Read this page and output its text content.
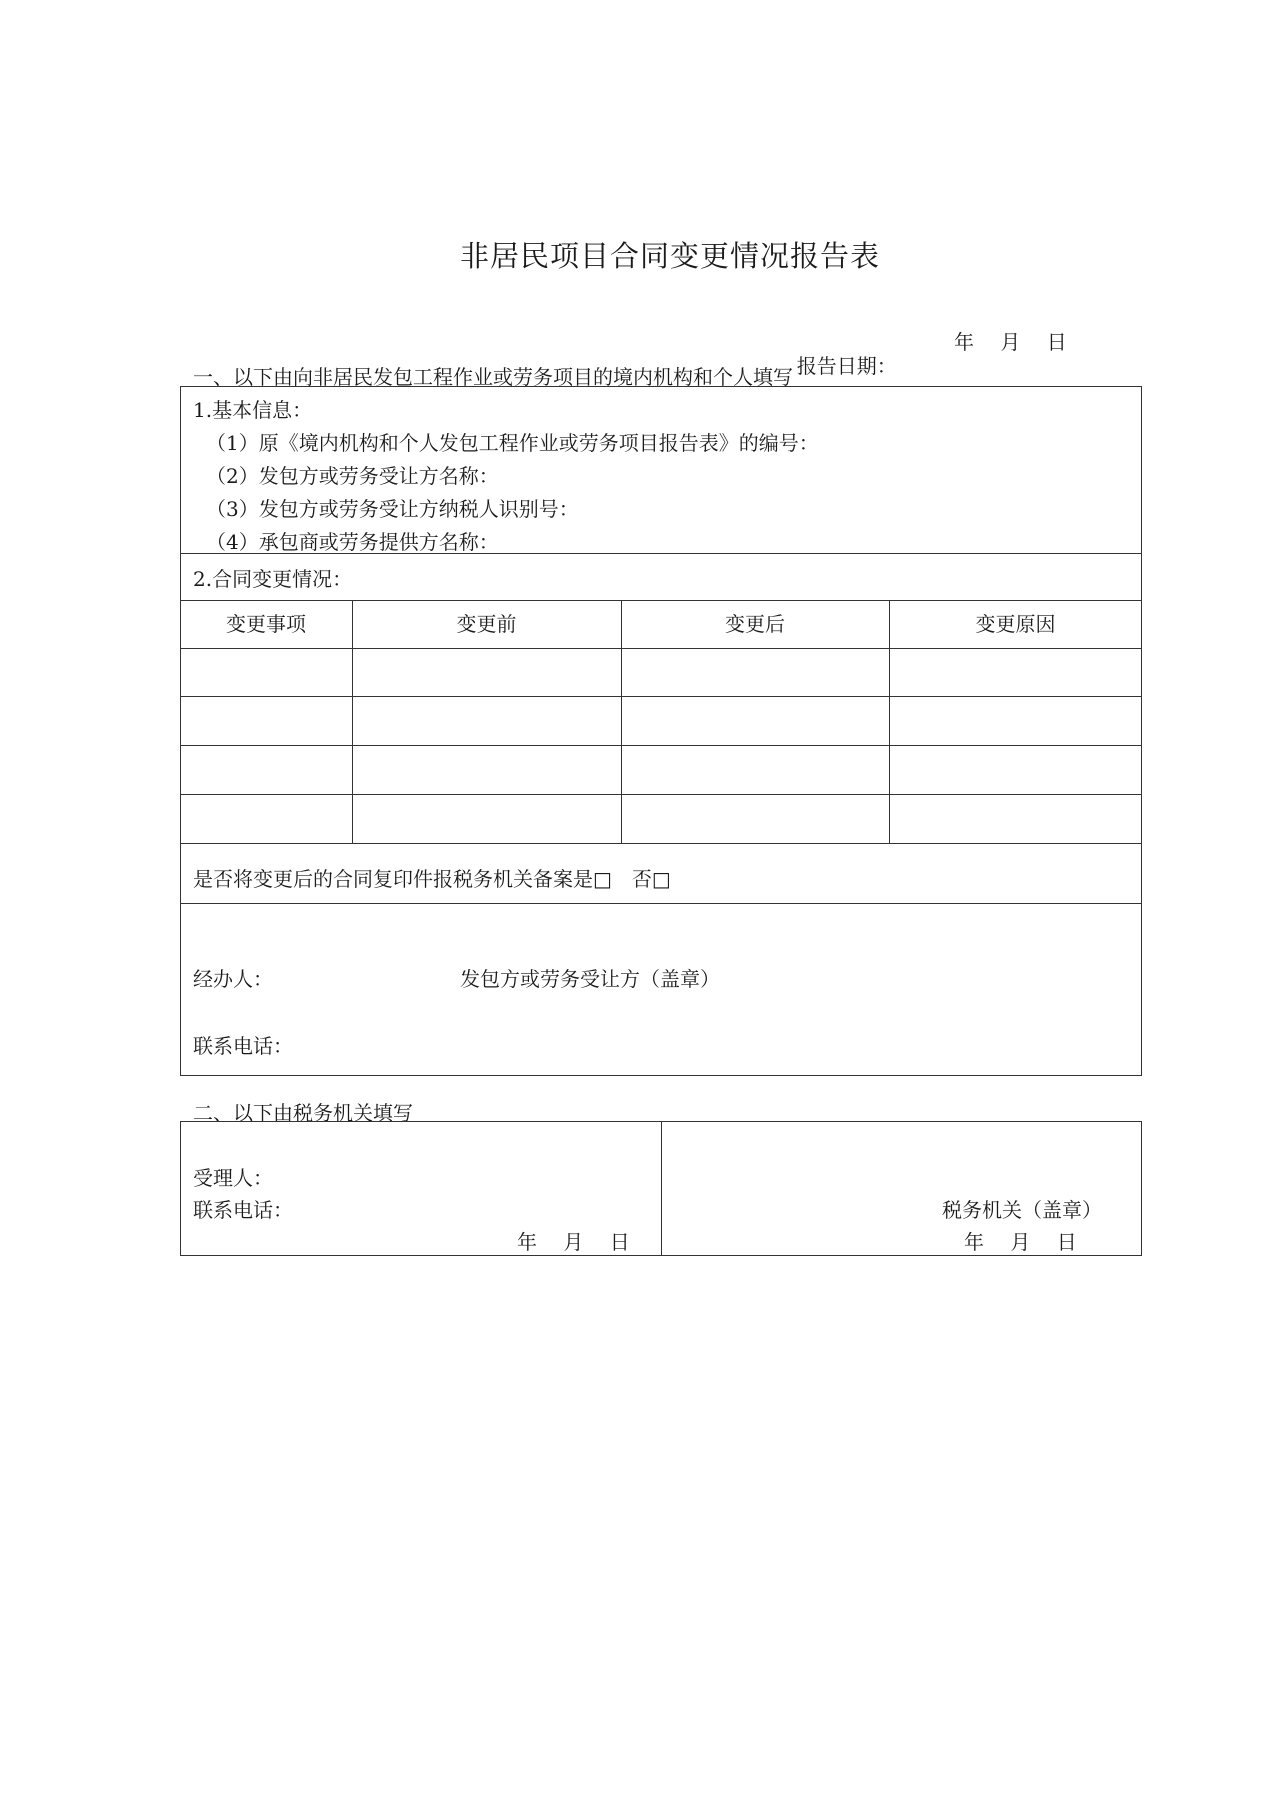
非居民项目合同变更情况报告表

报告日期：

年　 月　 日

一、以下由向非居民发包工程作业或劳务项目的境内机构和个人填写
1.基本信息：
（1）原《境内机构和个人发包工程作业或劳务项目报告表》的编号：
（2）发包方或劳务受让方名称：
（3）发包方或劳务受让方纳税人识别号：
（4）承包商或劳务提供方名称：
2.合同变更情况：
变更事项	变更前	变更后	变更原因
是否将变更后的合同复印件报税务机关备案是□　否□
经办人：	发包方或劳务受让方（盖章）
联系电话：
二、以下由税务机关填写
受理人：
联系电话：
年　 月　 日
税务机关（盖章）
年　 月　 日
